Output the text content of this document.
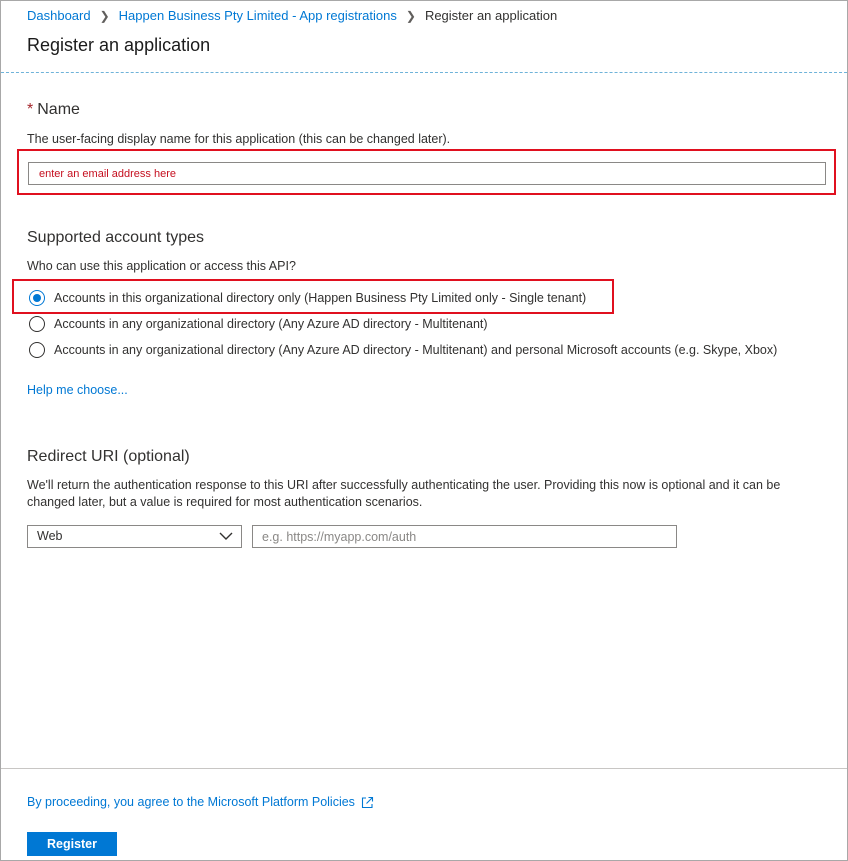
Dashboard ❯ Happen Business Pty Limited - App registrations ❯ Register an application
Register an application
* Name
The user-facing display name for this application (this can be changed later).
enter an email address here
Supported account types
Who can use this application or access this API?
Accounts in this organizational directory only (Happen Business Pty Limited only - Single tenant)
Accounts in any organizational directory (Any Azure AD directory - Multitenant)
Accounts in any organizational directory (Any Azure AD directory - Multitenant) and personal Microsoft accounts (e.g. Skype, Xbox)
Help me choose...
Redirect URI (optional)
We'll return the authentication response to this URI after successfully authenticating the user. Providing this now is optional and it can be changed later, but a value is required for most authentication scenarios.
Web
e.g. https://myapp.com/auth
By proceeding, you agree to the Microsoft Platform Policies
Register
